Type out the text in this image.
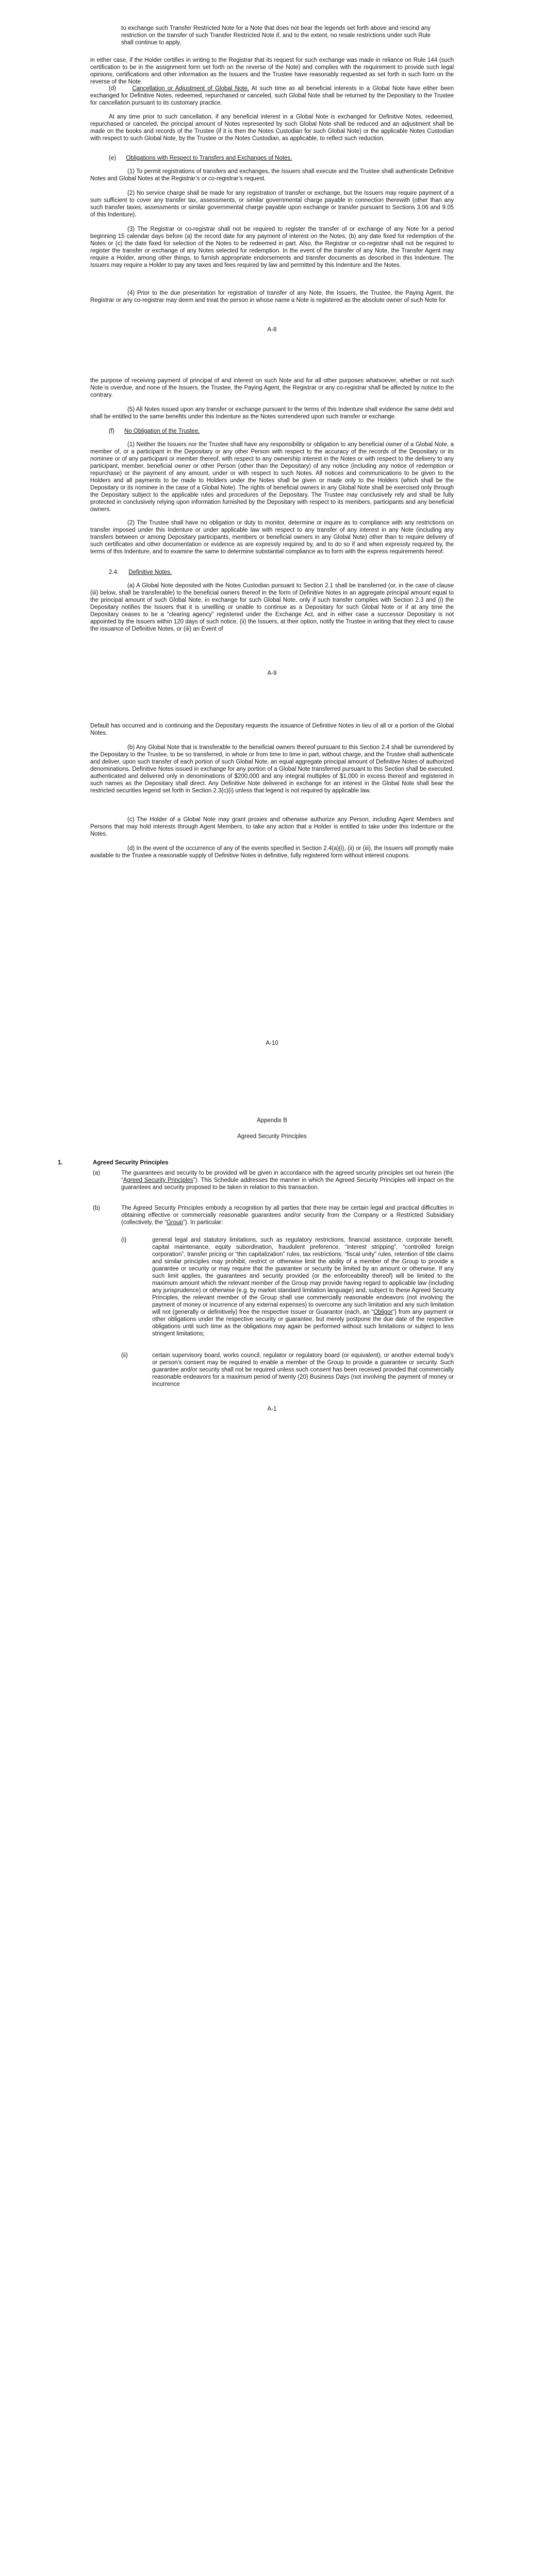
to exchange such Transfer Restricted Note for a Note that does not bear the legends set forth above and rescind any restriction on the transfer of such Transfer Restricted Note if, and to the extent, no resale restrictions under such Rule shall continue to apply,

in either case, if the Holder certifies in writing to the Registrar that its request for such exchange was made in reliance on Rule 144 (such certification to be in the assignment form set forth on the reverse of the Note) and complies with the requirement to provide such legal opinions, certifications and other information as the Issuers and the Trustee have reasonably requested as set forth in such form on the reverse of the Note.

(d)	Cancellation or Adjustment of Global Note. At such time as all beneficial interests in a Global Note have either been exchanged for Definitive Notes, redeemed, repurchased or canceled, such Global Note shall be returned by the Depositary to the Trustee for cancellation pursuant to its customary practice.

At any time prior to such cancellation, if any beneficial interest in a Global Note is exchanged for Definitive Notes, redeemed, repurchased or canceled, the principal amount of Notes represented by such Global Note shall be reduced and an adjustment shall be made on the books and records of the Trustee (if it is then the Notes Custodian for such Global Note) or the applicable Notes Custodian with respect to such Global Note, by the Trustee or the Notes Custodian, as applicable, to reflect such reduction.

(e) Obligations with Respect to Transfers and Exchanges of Notes.

(1) To permit registrations of transfers and exchanges, the Issuers shall execute and the Trustee shall authenticate Definitive Notes and Global Notes at the Registrar’s or co-registrar’s request.

(2) No service charge shall be made for any registration of transfer or exchange, but the Issuers may require payment of a sum sufficient to cover any transfer tax, assessments, or similar governmental charge payable in connection therewith (other than any such transfer taxes, assessments or similar governmental charge payable upon exchange or transfer pursuant to Sections 3.06 and 9.05 of this Indenture).

(3) The Registrar or co-registrar shall not be required to register the transfer of or exchange of any Note for a period beginning 15 calendar days before (a) the record date for any payment of interest on the Notes, (b) any date fixed for redemption of the Notes or (c) the date fixed for selection of the Notes to be redeemed in part. Also, the Registrar or co-registrar shall not be required to register the transfer or exchange of any Notes selected for redemption. In the event of the transfer of any Note, the Transfer Agent may require a Holder, among other things, to furnish appropriate endorsements and transfer documents as described in this Indenture. The Issuers may require a Holder to pay any taxes and fees required by law and permitted by this Indenture and the Notes.

(4) Prior to the due presentation for registration of transfer of any Note, the Issuers, the Trustee, the Paying Agent, the Registrar or any co-registrar may deem and treat the person in whose name a Note is registered as the absolute owner of such Note for

A-8

the purpose of receiving payment of principal of and interest on such Note and for all other purposes whatsoever, whether or not such Note is overdue, and none of the Issuers, the Trustee, the Paying Agent, the Registrar or any co-registrar shall be affected by notice to the contrary.

(5) All Notes issued upon any transfer or exchange pursuant to the terms of this Indenture shall evidence the same debt and shall be entitled to the same benefits under this Indenture as the Notes surrendered upon such transfer or exchange.

(f) No Obligation of the Trustee.

(1) Neither the Issuers nor the Trustee shall have any responsibility or obligation to any beneficial owner of a Global Note, a member of, or a participant in the Depositary or any other Person with respect to the accuracy of the records of the Depositary or its nominee or of any participant or member thereof, with respect to any ownership interest in the Notes or with respect to the delivery to any participant, member, beneficial owner or other Person (other than the Depositary) of any notice (including any notice of redemption or repurchase) or the payment of any amount, under or with respect to such Notes. All notices and communications to be given to the Holders and all payments to be made to Holders under the Notes shall be given or made only to the Holders (which shall be the Depositary or its nominee in the case of a Global Note). The rights of beneficial owners in any Global Note shall be exercised only through the Depositary subject to the applicable rules and procedures of the Depositary. The Trustee may conclusively rely and shall be fully protected in conclusively relying upon information furnished by the Depositary with respect to its members, participants and any beneficial owners.

(2) The Trustee shall have no obligation or duty to monitor, determine or inquire as to compliance with any restrictions on transfer imposed under this Indenture or under applicable law with respect to any transfer of any interest in any Note (including any transfers between or among Depositary participants, members or beneficial owners in any Global Note) other than to require delivery of such certificates and other documentation or evidence as are expressly required by, and to do so if and when expressly required by, the terms of this Indenture, and to examine the same to determine substantial compliance as to form with the express requirements hereof.

2.4. Definitive Notes.

(a) A Global Note deposited with the Notes Custodian pursuant to Section 2.1 shall be transferred (or, in the case of clause (iii) below, shall be transferable) to the beneficial owners thereof in the form of Definitive Notes in an aggregate principal amount equal to the principal amount of such Global Note, in exchange for such Global Note, only if such transfer complies with Section 2.3 and (i) the Depositary notifies the Issuers that it is unwilling or unable to continue as a Depositary for such Global Note or if at any time the Depositary ceases to be a “clearing agency” registered under the Exchange Act, and in either case a successor Depositary is not appointed by the Issuers within 120 days of such notice, (ii) the Issuers, at their option, notify the Trustee in writing that they elect to cause the issuance of Definitive Notes, or (iii) an Event of

A-9

Default has occurred and is continuing and the Depositary requests the issuance of Definitive Notes in lieu of all or a portion of the Global Notes.

(b) Any Global Note that is transferable to the beneficial owners thereof pursuant to this Section 2.4 shall be surrendered by the Depositary to the Trustee, to be so transferred, in whole or from time to time in part, without charge, and the Trustee shall authenticate and deliver, upon such transfer of each portion of such Global Note, an equal aggregate principal amount of Definitive Notes of authorized denominations. Definitive Notes issued in exchange for any portion of a Global Note transferred pursuant to this Section shall be executed, authenticated and delivered only in denominations of $200,000 and any integral multiples of $1,000 in excess thereof and registered in such names as the Depositary shall direct. Any Definitive Note delivered in exchange for an interest in the Global Note shall bear the restricted securities legend set forth in Section 2.3(c)(i) unless that legend is not required by applicable law.

(c) The Holder of a Global Note may grant proxies and otherwise authorize any Person, including Agent Members and Persons that may hold interests through Agent Members, to take any action that a Holder is entitled to take under this Indenture or the Notes.

(d) In the event of the occurrence of any of the events specified in Section 2.4(a)(i), (ii) or (iii), the Issuers will promptly make available to the Trustee a reasonable supply of Definitive Notes in definitive, fully registered form without interest coupons.

A-10
Appendix B
Agreed Security Principles
1.	Agreed Security Principles
(a)	The guarantees and security to be provided will be given in accordance with the agreed security principles set out herein (the “Agreed Security Principles”). This Schedule addresses the manner in which the Agreed Security Principles will impact on the guarantees and security proposed to be taken in relation to this transaction.

(b)	The Agreed Security Principles embody a recognition by all parties that there may be certain legal and practical difficulties in obtaining effective or commercially reasonable guarantees and/or security from the Company or a Restricted Subsidiary (collectively, the “Group”). In particular:

(i)	general legal and statutory limitations, such as regulatory restrictions, financial assistance, corporate benefit, capital maintenance, equity subordination, fraudulent preference, “interest stripping”, “controlled foreign corporation”, transfer pricing or “thin capitalization” rules, tax restrictions, “fiscal unity” rules, retention of title claims and similar principles may prohibit, restrict or otherwise limit the ability of a member of the Group to provide a guarantee or security or may require that the guarantee or security be limited by an amount or otherwise. If any such limit applies, the guarantees and security provided (or the enforceability thereof) will be limited to the maximum amount which the relevant member of the Group may provide having regard to applicable law (including any jurisprudence) or otherwise (e.g. by market standard limitation language) and, subject to these Agreed Security Principles, the relevant member of the Group shall use commercially reasonable endeavors (not involving the payment of money or incurrence of any external expenses) to overcome any such limitation and any such limitation will not (generally or definitively) free the respective Issuer or Guarantor (each, an “Obligor”) from any payment or other obligations under the respective security or guarantee, but merely postpone the due date of the respective obligations until such time as the obligations may again be performed without such limitations or subject to less stringent limitations;

(ii)	certain supervisory board, works council, regulator or regulatory board (or equivalent), or another external body’s or person’s consent may be required to enable a member of the Group to provide a guarantee or security. Such guarantee and/or security shall not be required unless such consent has been received provided that commercially reasonable endeavors for a maximum period of twenty (20) Business Days (not involving the payment of money or incurrence

A-1
